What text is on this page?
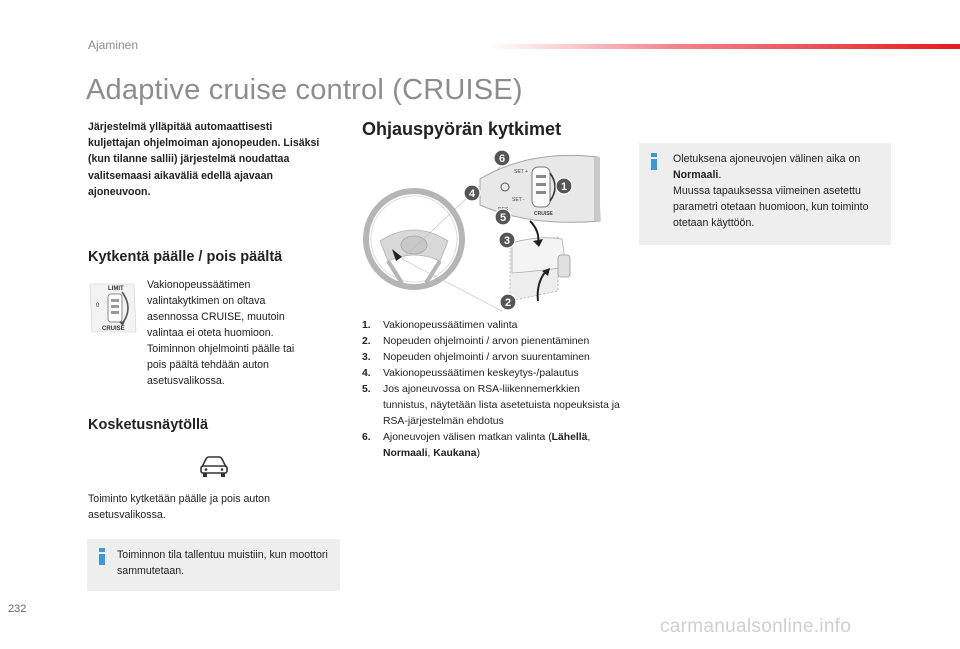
Ajaminen
Adaptive cruise control (CRUISE)
Järjestelmä ylläpitää automaattisesti kuljettajan ohjelmoiman ajonopeuden. Lisäksi (kun tilanne sallii) järjestelmä noudattaa valitsemaasi aikaväliä edellä ajavaan ajoneuvoon.
Kytkentä päälle / pois päältä
LIMIT
0
CRUISE
Vakionopeussäätimen valintakytkimen on oltava asennossa CRUISE, muutoin valintaa ei oteta huomioon. Toiminnon ohjelmointi päälle tai pois päältä tehdään auton asetusvalikossa.
Kosketusnäytöllä
Toiminto kytketään päälle ja pois auton asetusvalikossa.
Toiminnon tila tallentuu muistiin, kun moottori sammutetaan.
Ohjauspyörän kytkimet
SET +
SET -
CRUISE
6
1
4
5
3
2
1. Vakionopeussäätimen valinta
2. Nopeuden ohjelmointi / arvon pienentäminen
3. Nopeuden ohjelmointi / arvon suurentaminen
4. Vakionopeussäätimen keskeytys-/palautus
5. Jos ajoneuvossa on RSA-liikennemerkkien tunnistus, näytetään lista asetetuista nopeuksista ja RSA-järjestelmän ehdotus
6. Ajoneuvojen välisen matkan valinta (Lähellä, Normaali, Kaukana)
Oletuksena ajoneuvojen välinen aika on Normaali.
Muussa tapauksessa viimeinen asetettu parametri otetaan huomioon, kun toiminto otetaan käyttöön.
232
carmanualsonline.info
